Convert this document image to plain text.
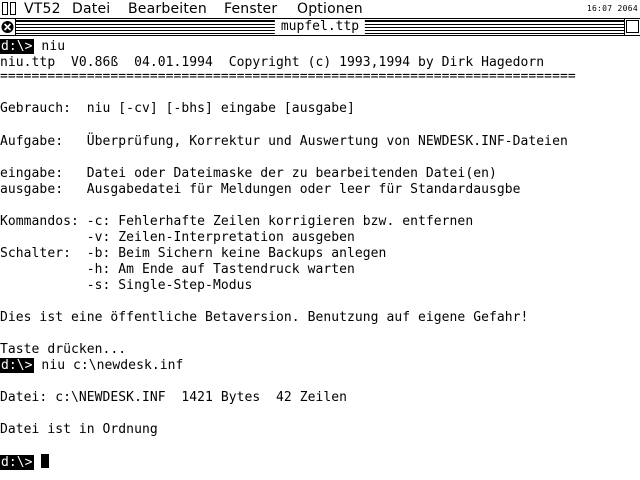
VT52 Datei Bearbeiten Fenster Optionen	16:07 2064
mupfel.ttp
d:\> niu
niu.ttp  V0.86ß  04.01.1994  Copyright (c) 1993,1994 by Dirk Hagedorn
=========================================================================
Gebrauch:  niu [-cv] [-bhs] eingabe [ausgabe]
Aufgabe:   Überprüfung, Korrektur und Auswertung von NEWDESK.INF-Dateien
eingabe:   Datei oder Dateimaske der zu bearbeitenden Datei(en)
ausgabe:   Ausgabedatei für Meldungen oder leer für Standardausgbe
Kommandos: -c: Fehlerhafte Zeilen korrigieren bzw. entfernen
-v: Zeilen-Interpretation ausgeben
Schalter:  -b: Beim Sichern keine Backups anlegen
-h: Am Ende auf Tastendruck warten
-s: Single-Step-Modus
Dies ist eine öffentliche Betaversion. Benutzung auf eigene Gefahr!
Taste drücken...
d:\> niu c:\newdesk.inf
Datei: c:\NEWDESK.INF  1421 Bytes  42 Zeilen
Datei ist in Ordnung
d:\>
